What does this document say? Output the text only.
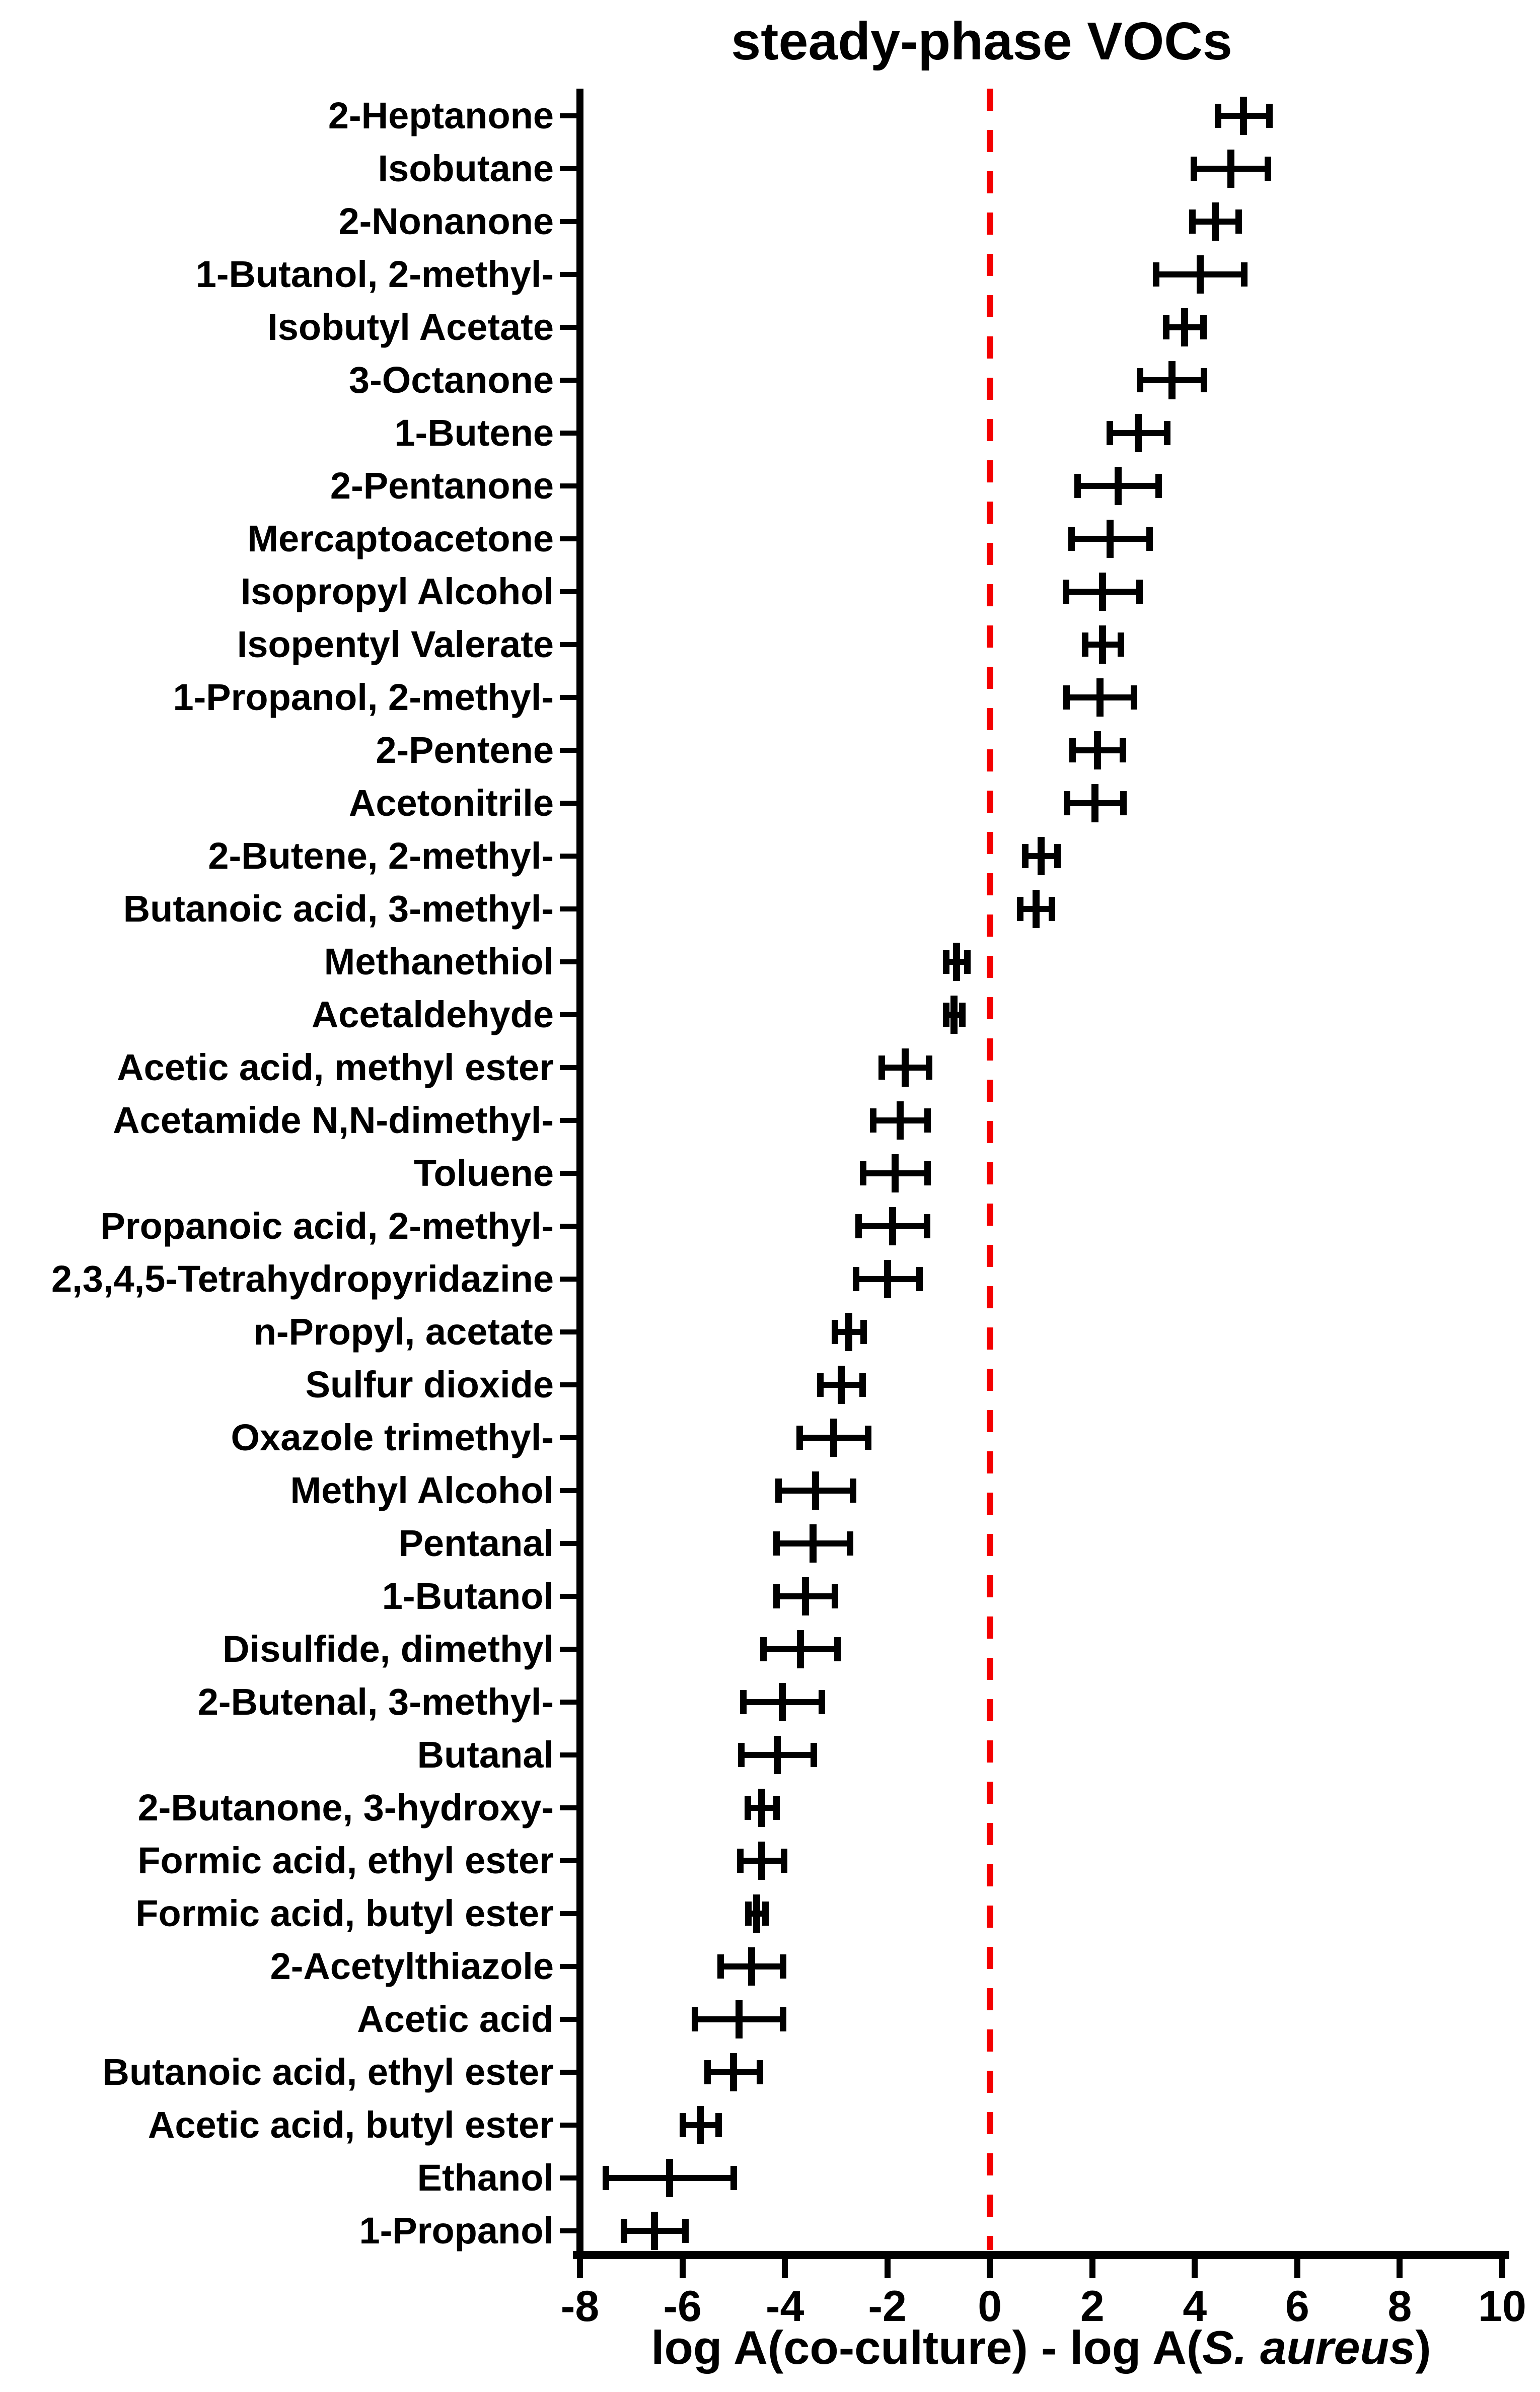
steady-phase VOCs
-8	-6	-4	-2	0	2	4	6	8	10
2-Heptanone
Isobutane
2-Nonanone
1-Butanol, 2-methyl-
Isobutyl Acetate
3-Octanone
1-Butene
2-Pentanone
Mercaptoacetone
Isopropyl Alcohol
Isopentyl Valerate
1-Propanol, 2-methyl-
2-Pentene
Acetonitrile
2-Butene, 2-methyl-
Butanoic acid, 3-methyl-
Methanethiol
Acetaldehyde
Acetic acid, methyl ester
Acetamide N,N-dimethyl-
Toluene
Propanoic acid, 2-methyl-
2,3,4,5-Tetrahydropyridazine
n-Propyl, acetate
Sulfur dioxide
Oxazole trimethyl-
Methyl Alcohol
Pentanal
1-Butanol
Disulfide, dimethyl
2-Butenal, 3-methyl-
Butanal
2-Butanone, 3-hydroxy-
Formic acid, ethyl ester
Formic acid, butyl ester
2-Acetylthiazole
Acetic acid
Butanoic acid, ethyl ester
Acetic acid, butyl ester
Ethanol
1-Propanol
log A(co-culture) - log A(S. aureus)
